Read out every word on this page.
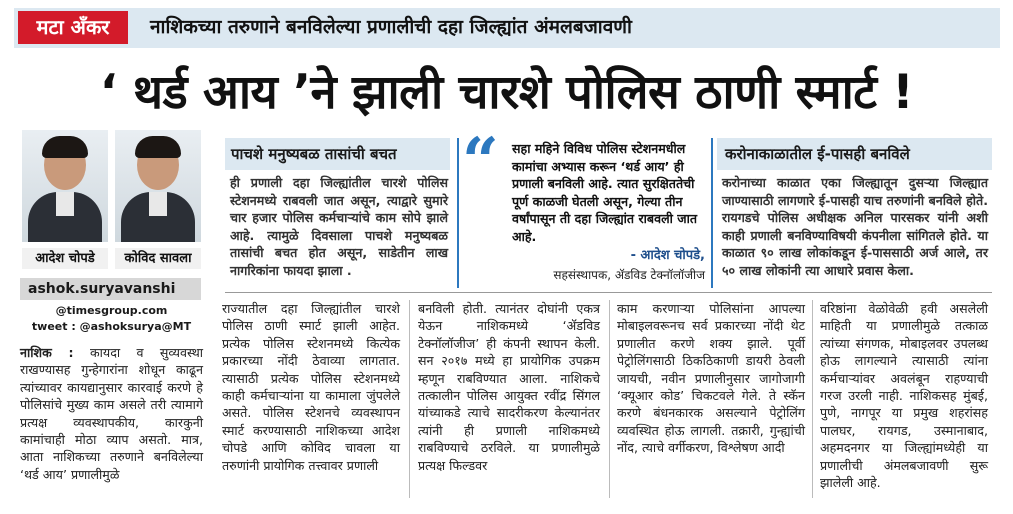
मटा अँकर	नाशिकच्या तरुणाने बनविलेल्या प्रणालीची दहा जिल्ह्यांत अंमलबजावणी
‘ थर्ड आय ’ने झाली चारशे पोलिस ठाणी स्मार्ट !
आदेश चोपडे	कोविद सावला
ashok.suryavanshi
@timesgroup.com
tweet : @ashoksurya@MT
पाचशे मनुष्यबळ तासांची बचत
ही प्रणाली दहा जिल्ह्यांतील चारशे पोलिस स्टेशनमध्ये राबवली जात असून, त्याद्वारे सुमारे चार हजार पोलिस कर्मचाऱ्यांचे काम सोपे झाले आहे. त्यामुळे दिवसाला पाचशे मनुष्यबळ तासांची बचत होत असून, साडेतीन लाख नागरिकांना फायदा झाला .
“ सहा महिने विविध पोलिस स्टेशनमधील कामांचा अभ्यास करून ‘थर्ड आय’ ही प्रणाली बनविली आहे. त्यात सुरक्षिततेची पूर्ण काळजी घेतली असून, गेल्या तीन वर्षांपासून ती दहा जिल्ह्यांत राबवली जात आहे.
- आदेश चोपडे,
सहसंस्थापक, ॲडविड टेक्नॉलॉजीज
करोनाकाळातील ई-पासही बनविले
करोनाच्या काळात एका जिल्ह्यातून दुसऱ्या जिल्ह्यात जाण्यासाठी लागणारे ई-पासही याच तरुणांनी बनविले होते. रायगडचे पोलिस अधीक्षक अनिल पारसकर यांनी अशी काही प्रणाली बनविण्याविषयी कंपनीला सांगितले होते. या काळात ९० लाख लोकांकडून ई-पाससाठी अर्ज आले, तर ५० लाख लोकांनी त्या आधारे प्रवास केला.
नाशिक : कायदा व सुव्यवस्था राखण्यासह गुन्हेगारांना शोधून काढून त्यांच्यावर कायद्यानुसार कारवाई करणे हे पोलिसांचे मुख्य काम असले तरी त्यामागे प्रत्यक्ष व्यवस्थापकीय, कारकुनी कामांचाही मोठा व्याप असतो. मात्र, आता नाशिकच्या तरुणाने बनविलेल्या ‘थर्ड आय’ प्रणालीमुळे
राज्यातील दहा जिल्ह्यांतील चारशे पोलिस ठाणी स्मार्ट झाली आहेत. प्रत्येक पोलिस स्टेशनमध्ये कित्येक प्रकारच्या नोंदी ठेवाव्या लागतात. त्यासाठी प्रत्येक पोलिस स्टेशनमध्ये काही कर्मचाऱ्यांना या कामाला जुंपलेले असते. पोलिस स्टेशनचे व्यवस्थापन स्मार्ट करण्यासाठी नाशिकच्या आदेश चोपडे आणि कोविद चावला या तरुणांनी प्रायोगिक तत्त्वावर प्रणाली
बनविली होती. त्यानंतर दोघांनी एकत्र येऊन नाशिकमध्ये ‘ॲडविड टेक्नॉलॉजीज’ ही कंपनी स्थापन केली. सन २०१७ मध्ये हा प्रायोगिक उपक्रम म्हणून राबविण्यात आला. नाशिकचे तत्कालीन पोलिस आयुक्त रवींद्र सिंगल यांच्याकडे त्याचे सादरीकरण केल्यानंतर त्यांनी ही प्रणाली नाशिकमध्ये राबविण्याचे ठरविले. या प्रणालीमुळे प्रत्यक्ष फिल्डवर
काम करणाऱ्या पोलिसांना आपल्या मोबाइलवरूनच सर्व प्रकारच्या नोंदी थेट प्रणालीत करणे शक्य झाले. पूर्वी पेट्रोलिंगसाठी ठिकठिकाणी डायरी ठेवली जायची, नवीन प्रणालीनुसार जागोजागी ‘क्यूआर कोड’ चिकटवले गेले. ते स्कॅन करणे बंधनकारक असल्याने पेट्रोलिंग व्यवस्थित होऊ लागली. तक्रारी, गुन्ह्यांची नोंद, त्याचे वर्गीकरण, विश्लेषण आदी
वरिष्ठांना वेळोवेळी हवी असलेली माहिती या प्रणालीमुळे तत्काळ त्यांच्या संगणक, मोबाइलवर उपलब्ध होऊ लागल्याने त्यासाठी त्यांना कर्मचाऱ्यांवर अवलंबून राहण्याची गरज उरली नाही. नाशिकसह मुंबई, पुणे, नागपूर या प्रमुख शहरांसह पालघर, रायगड, उस्मानाबाद, अहमदनगर या जिल्ह्यांमध्येही या प्रणालीची अंमलबजावणी सुरू झालेली आहे.
